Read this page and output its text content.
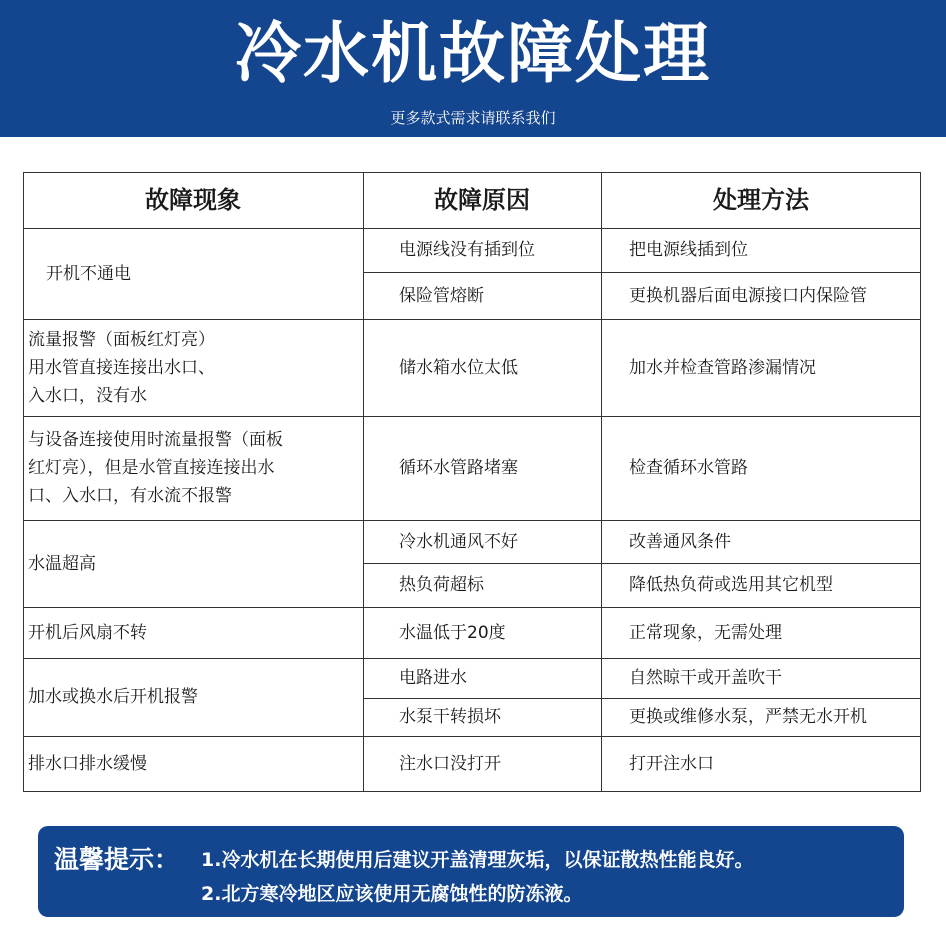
冷水机故障处理
更多款式需求请联系我们
故障现象	故障原因	处理方法
开机不通电
电源线没有插到位	把电源线插到位
保险管熔断	更换机器后面电源接口内保险管
流量报警（面板红灯亮）
用水管直接连接出水口、
入水口，没有水
储水箱水位太低	加水并检查管路渗漏情况
与设备连接使用时流量报警（面板
红灯亮），但是水管直接连接出水
口、入水口，有水流不报警
循环水管路堵塞	检查循环水管路
水温超高
冷水机通风不好	改善通风条件
热负荷超标	降低热负荷或选用其它机型
开机后风扇不转	水温低于20度	正常现象，无需处理
加水或换水后开机报警
电路进水	自然晾干或开盖吹干
水泵干转损坏	更换或维修水泵，严禁无水开机
排水口排水缓慢	注水口没打开	打开注水口
温馨提示： 1.冷水机在长期使用后建议开盖清理灰垢，以保证散热性能良好。
2.北方寒冷地区应该使用无腐蚀性的防冻液。
